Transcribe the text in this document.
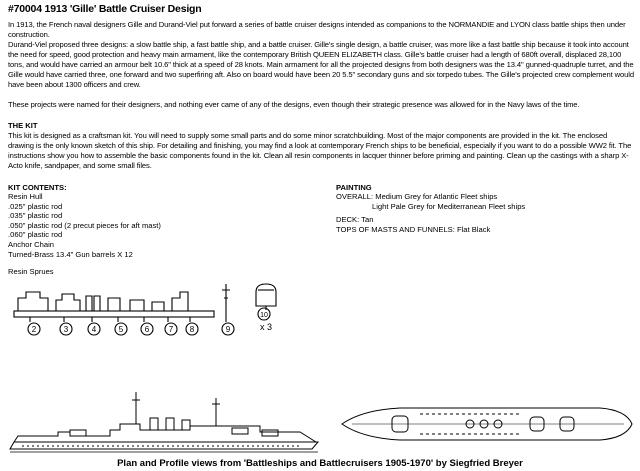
#70004 1913 'Gille' Battle Cruiser Design

In 1913, the French naval designers Gille and Durand-Viel put forward a series of battle cruiser designs intended as companions to the NORMANDIE and LYON class battle ships then under construction.

Durand-Viel proposed three designs: a slow battle ship, a fast battle ship, and a battle cruiser. Gille's single design, a battle cruiser, was more like a fast battle ship because it took into account the need for speed, good protection and heavy main armament, like the contemporary British QUEEN ELIZABETH class. Gille's battle cruiser had a length of 680ft overall, displaced 28,100 tons, and would have carried an armour belt 10.6" thick at a speed of 28 knots. Main armament for all the projected designs from both designers was the 13.4" gunned-quadruple turret, and the Gille would have carried three, one forward and two superfiring aft. Also on board would have been 20 5.5" secondary guns and six torpedo tubes. The Gille's projected crew complement would have been about 1300 officers and crew.

These projects were named for their designers, and nothing ever came of any of the designs, even though their strategic presence was allowed for in the Navy laws of the time.

THE KIT

This kit is designed as a craftsman kit. You will need to supply some small parts and do some minor scratchbuilding. Most of the major components are provided in the kit. The enclosed drawing is the only known sketch of this ship. For detailing and finishing, you may find a look at contemporary French ships to be beneficial, especially if you want to do a possible WW2 fit. The instructions show you how to assemble the basic components found in the kit. Clean all resin components in lacquer thinner before priming and painting. Clean up the castings with a sharp X-Acto knife, sandpaper, and some small files.

KIT CONTENTS:
Resin Hull
.025" plastic rod
.035" plastic rod
.050" plastic rod (2 precut pieces for aft mast)
.060" plastic rod
Anchor Chain
Turned-Brass 13.4" Gun barrels X 12
Resin Sprues
PAINTING
OVERALL: Medium Grey for Atlantic Fleet ships
Light Pale Grey for Mediterranean Fleet ships
DECK: Tan
TOPS OF MASTS AND FUNNELS: Flat Black
2	3	4	5	6 7 8	9
10
x 3
Plan and Profile views from 'Battleships and Battlecruisers 1905-1970' by Siegfried Breyer
